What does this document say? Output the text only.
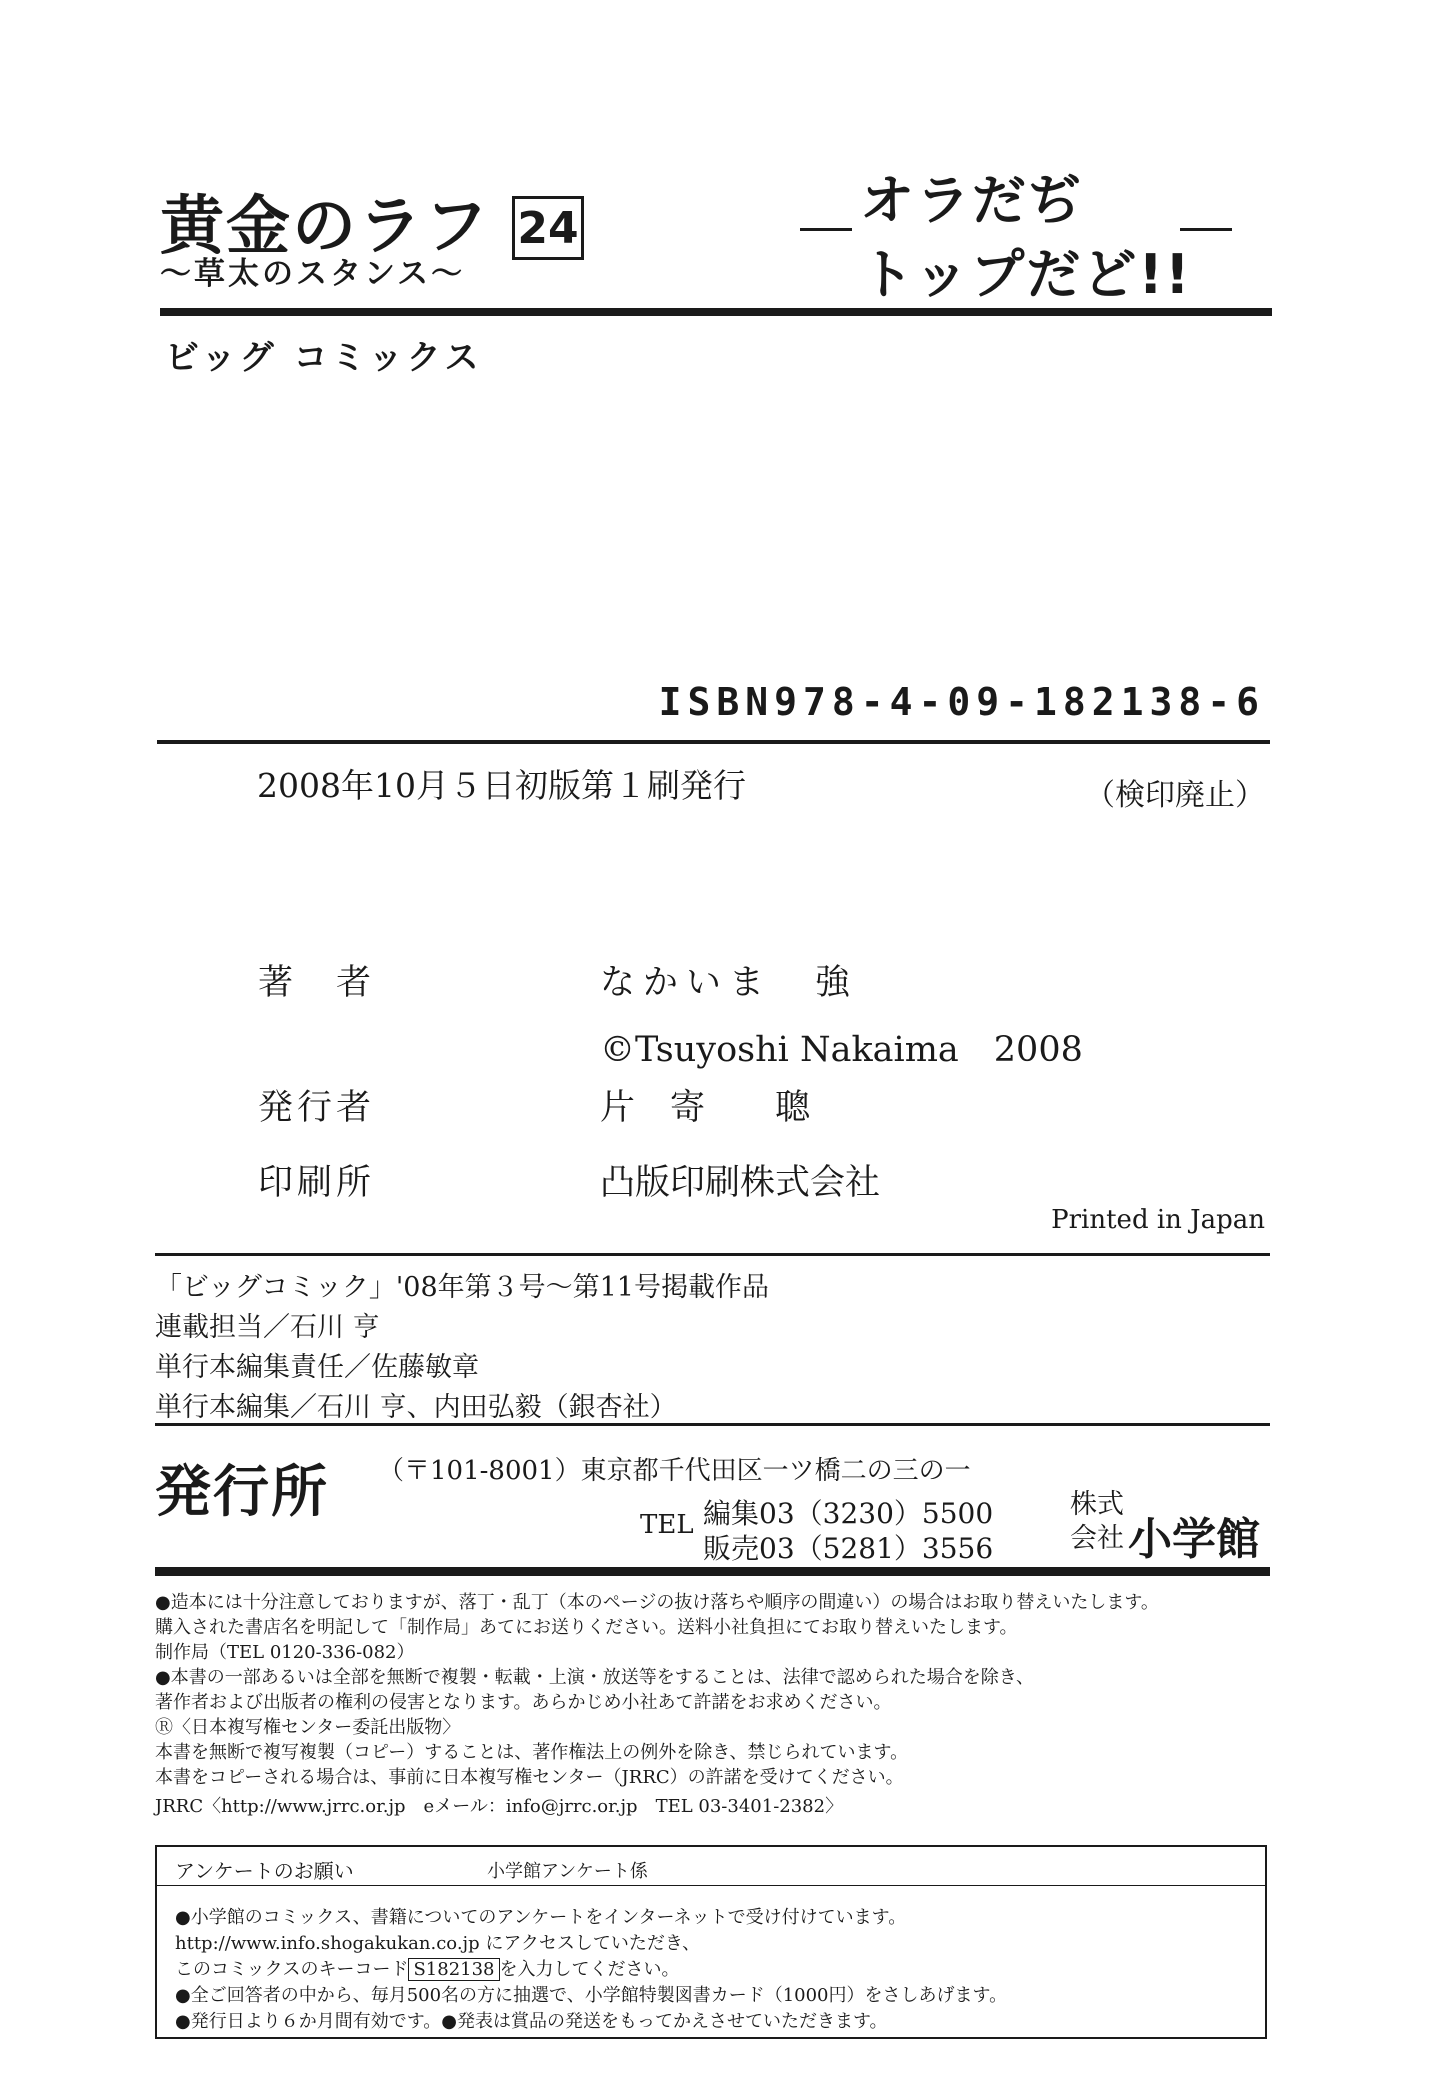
黄金のラフ 24
〜草太のスタンス〜
オラだぢ
トップだど!!
ビッグ コミックス
ISBN978-4-09-182138-6
2008年10月５日初版第１刷発行	（検印廃止）
著　者	なかいま　強
©Tsuyoshi Nakaima　2008
発行者	片　寄　　聰
印刷所	凸版印刷株式会社
Printed in Japan
「ビッグコミック」'08年第３号〜第11号掲載作品
連載担当／石川 亨
単行本編集責任／佐藤敏章
単行本編集／石川 亨、内田弘毅（銀杏社）
発行所 （〒101-8001）東京都千代田区一ツ橋二の三の一
TEL 編集03（3230）5500
販売03（5281）3556
株式
会社 小学館
●造本には十分注意しておりますが、落丁・乱丁（本のページの抜け落ちや順序の間違い）の場合はお取り替えいたします。
購入された書店名を明記して「制作局」あてにお送りください。送料小社負担にてお取り替えいたします。
制作局（TEL 0120-336-082）
●本書の一部あるいは全部を無断で複製・転載・上演・放送等をすることは、法律で認められた場合を除き、
著作者および出版者の権利の侵害となります。あらかじめ小社あて許諾をお求めください。
Ⓡ〈日本複写権センター委託出版物〉
本書を無断で複写複製（コピー）することは、著作権法上の例外を除き、禁じられています。
本書をコピーされる場合は、事前に日本複写権センター（JRRC）の許諾を受けてください。
JRRC〈http://www.jrrc.or.jp　eメール：info@jrrc.or.jp　TEL 03-3401-2382〉
アンケートのお願い	小学館アンケート係
●小学館のコミックス、書籍についてのアンケートをインターネットで受け付けています。
http://www.info.shogakukan.co.jp にアクセスしていただき、
このコミックスのキーコード S182138 を入力してください。
●全ご回答者の中から、毎月500名の方に抽選で、小学館特製図書カード（1000円）をさしあげます。
●発行日より６か月間有効です。●発表は賞品の発送をもってかえさせていただきます。
